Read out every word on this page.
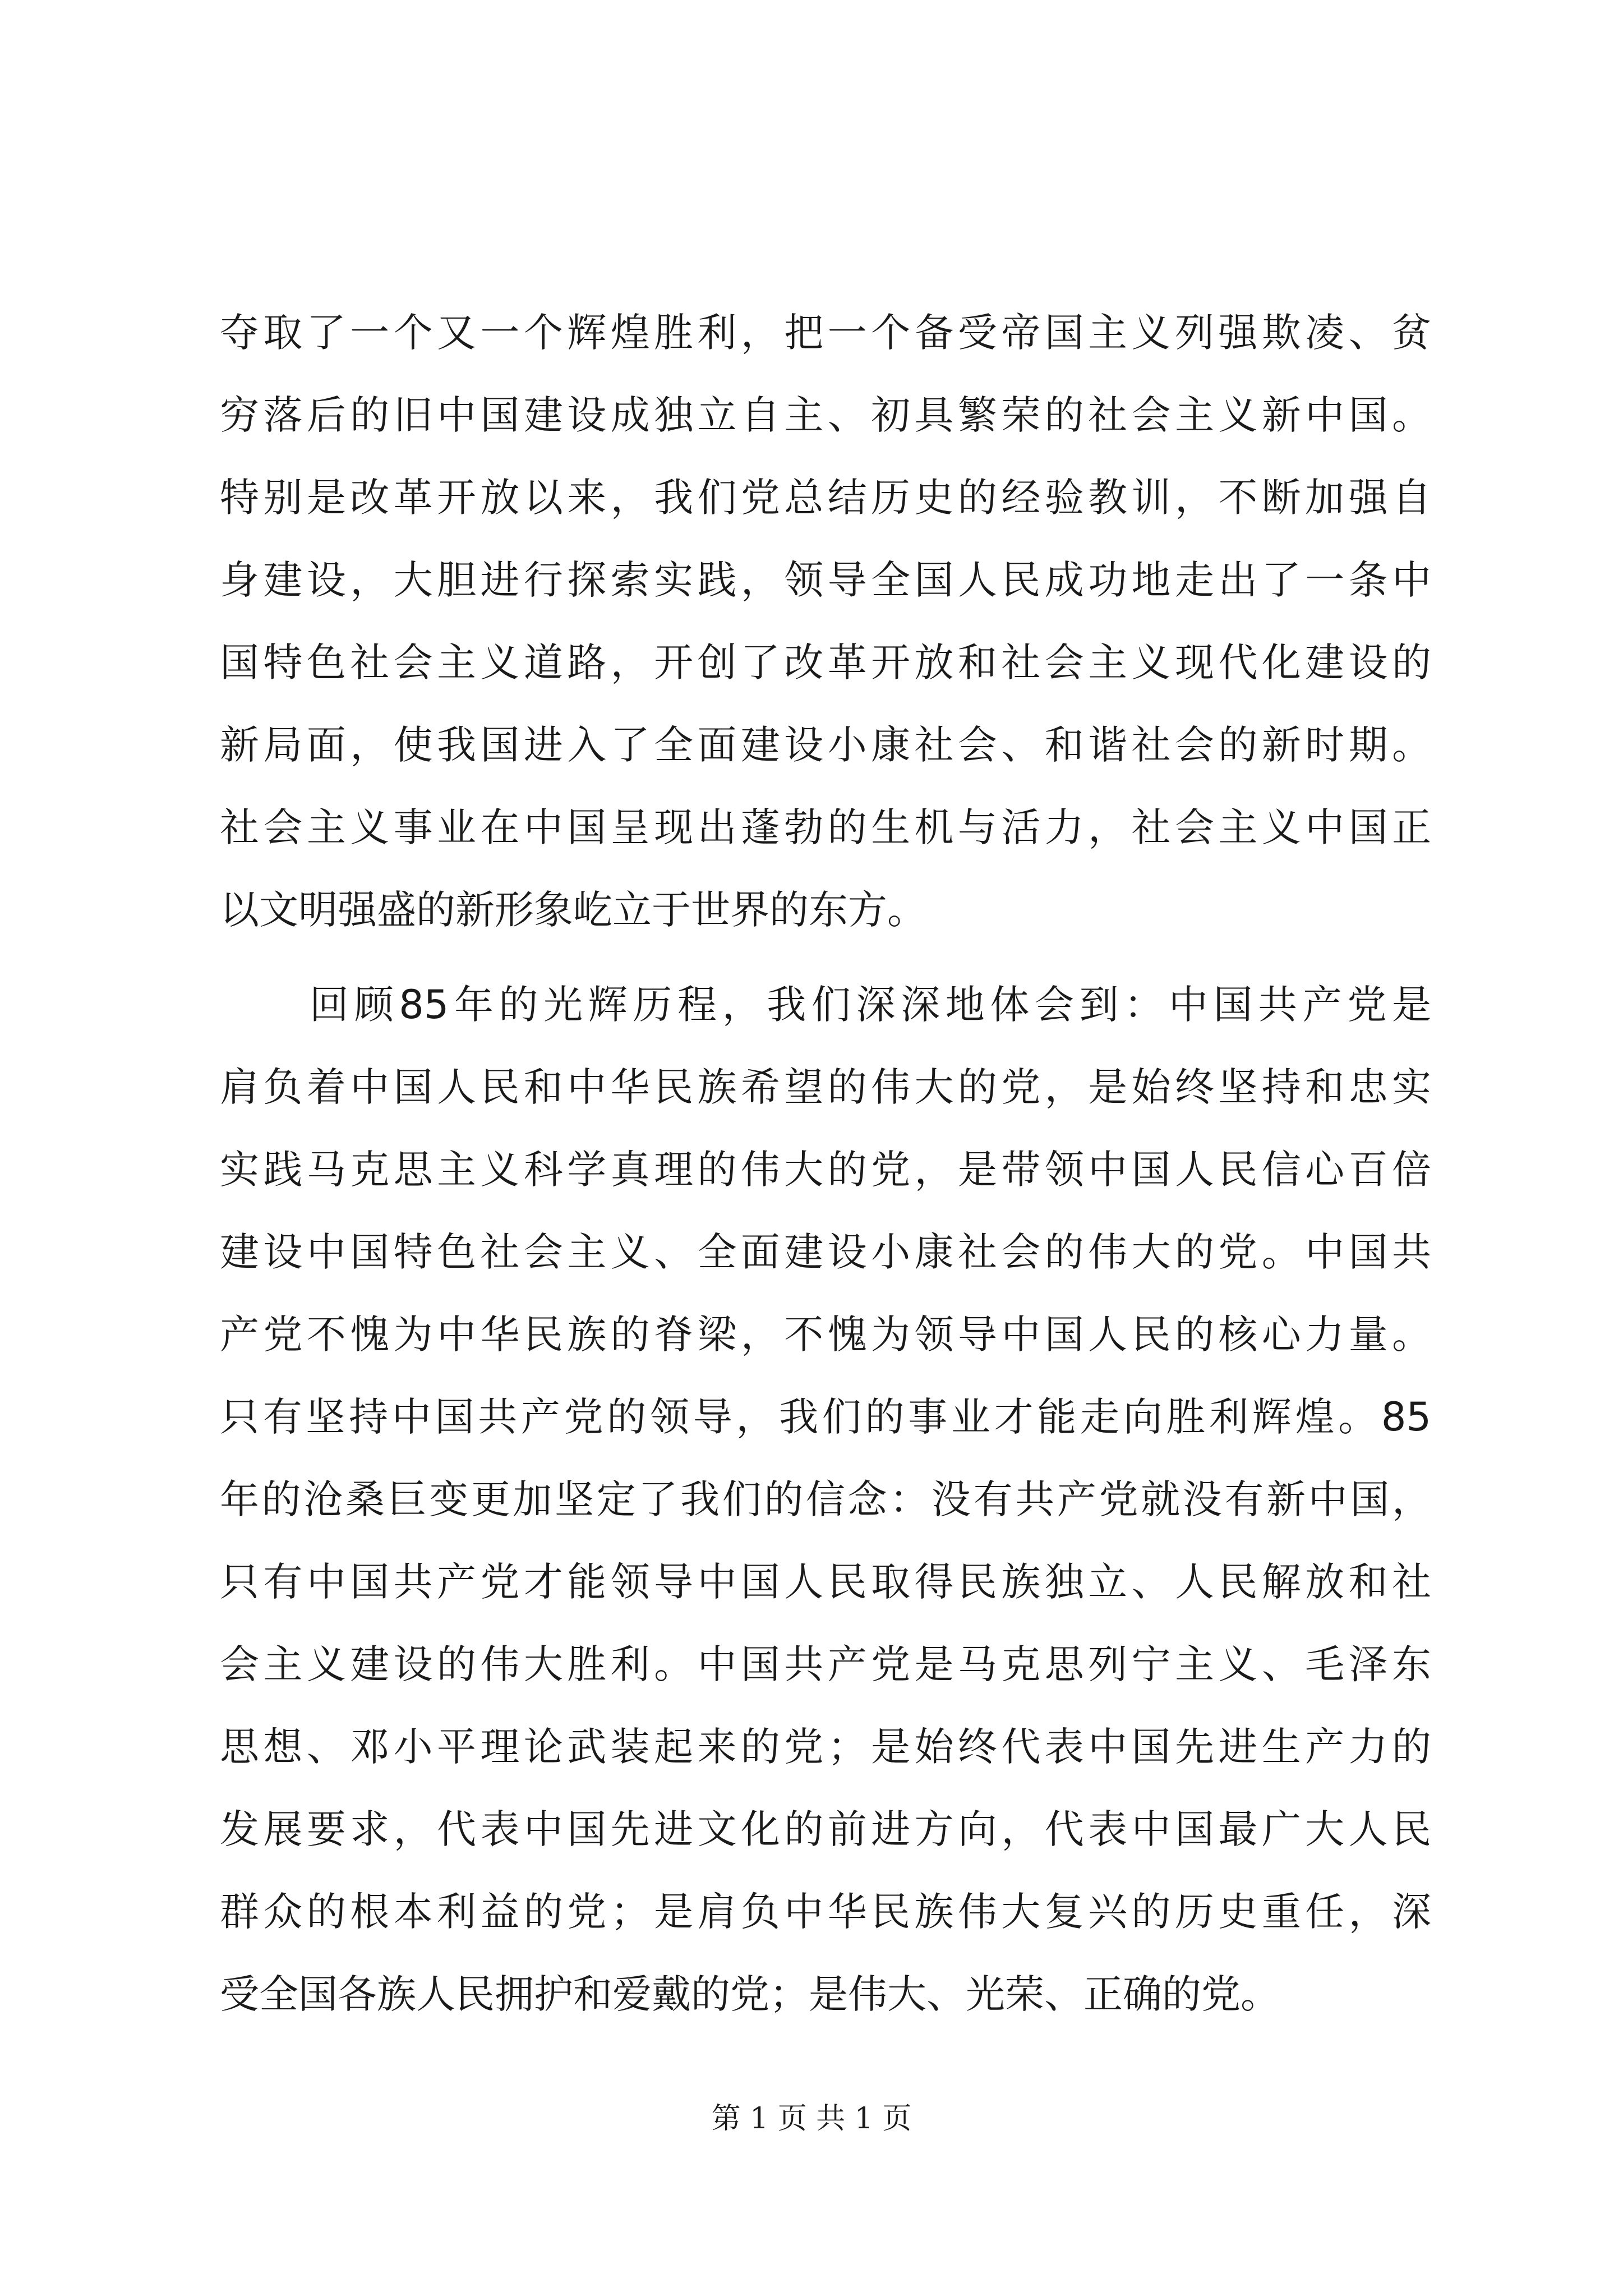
夺取了一个又一个辉煌胜利，把一个备受帝国主义列强欺凌、贫
穷落后的旧中国建设成独立自主、初具繁荣的社会主义新中国。
特别是改革开放以来，我们党总结历史的经验教训，不断加强自
身建设，大胆进行探索实践，领导全国人民成功地走出了一条中
国特色社会主义道路，开创了改革开放和社会主义现代化建设的
新局面，使我国进入了全面建设小康社会、和谐社会的新时期。
社会主义事业在中国呈现出蓬勃的生机与活力，社会主义中国正
以文明强盛的新形象屹立于世界的东方。
回顾85年的光辉历程，我们深深地体会到：中国共产党是
肩负着中国人民和中华民族希望的伟大的党，是始终坚持和忠实
实践马克思主义科学真理的伟大的党，是带领中国人民信心百倍
建设中国特色社会主义、全面建设小康社会的伟大的党。中国共
产党不愧为中华民族的脊梁，不愧为领导中国人民的核心力量。
只有坚持中国共产党的领导，我们的事业才能走向胜利辉煌。85
年的沧桑巨变更加坚定了我们的信念：没有共产党就没有新中国，
只有中国共产党才能领导中国人民取得民族独立、人民解放和社
会主义建设的伟大胜利。中国共产党是马克思列宁主义、毛泽东
思想、邓小平理论武装起来的党；是始终代表中国先进生产力的
发展要求，代表中国先进文化的前进方向，代表中国最广大人民
群众的根本利益的党；是肩负中华民族伟大复兴的历史重任，深
受全国各族人民拥护和爱戴的党；是伟大、光荣、正确的党。
第 1 页 共 1 页
